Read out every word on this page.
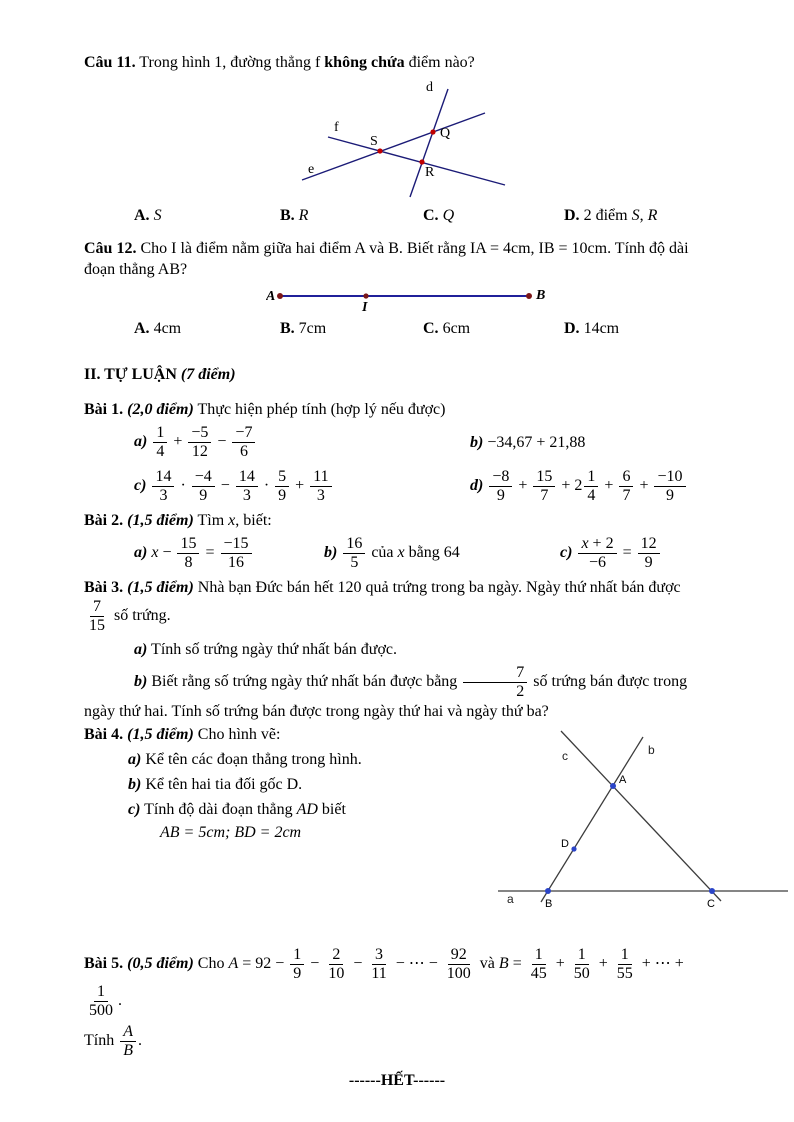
Câu 11. Trong hình 1, đường thẳng f không chứa điểm nào?

d
f
e
S
Q
R
A. S	B. R	C. Q	D. 2 điểm S, R

Câu 12. Cho I là điểm nằm giữa hai điểm A và B. Biết rằng IA = 4cm, IB = 10cm. Tính độ dài đoạn thẳng AB?

A
I
B
A. 4cm	B. 7cm	C. 6cm	D. 14cm

II. TỰ LUẬN (7 điểm)

Bài 1. (2,0 điểm) Thực hiện phép tính (hợp lý nếu được)

$a) \frac{1}{4} + \frac{-5}{12} - \frac{-7}{6}$	b) −34,67 + 21,88
$c) \frac{14}{3} \cdot \frac{-4}{9} - \frac{14}{3} \cdot \frac{5}{9} + \frac{11}{3}$	$d) \frac{-8}{9} + \frac{15}{7} + 2 \frac{1}{4} + \frac{6}{7} + \frac{-10}{9}$

Bài 2. (1,5 điểm) Tìm x, biết:

a) $x - \frac{15}{8} = \frac{-15}{16}$	$b) \frac{16}{5}$ của x bằng 64	$c) \frac{x + 2}{-6} = \frac{12}{9}$

Bài 3. (1,5 điểm) Nhà bạn Đức bán hết 120 quả trứng trong ba ngày. Ngày thứ nhất bán được
$\frac{7}{15}$ số trứng.

a) Tính số trứng ngày thứ nhất bán được.

b) Biết rằng số trứng ngày thứ nhất bán được bằng $\frac{7}{2}$ số trứng bán được trong ngày thứ hai. Tính số trứng bán được trong ngày thứ hai và ngày thứ ba?

Bài 4. (1,5 điểm) Cho hình vẽ:

a) Kể tên các đoạn thẳng trong hình.

b) Kể tên hai tia đối gốc D.

c) Tính độ dài đoạn thẳng AD biết

AB = 5cm; BD = 2cm

a
b
c
A
D
B	C

Bài 5. (0,5 điểm) Cho $A = 92 - \frac{1}{9} - \frac{2}{10} - \frac{3}{11}$ − ⋯ − $\frac{92}{100}$ và $B = \frac{1}{45} + \frac{1}{50} + \frac{1}{55}$ + ⋯ +
$\frac{1}{500}$ .

Tính $\frac{A}{B}$ .

------HẾT------
